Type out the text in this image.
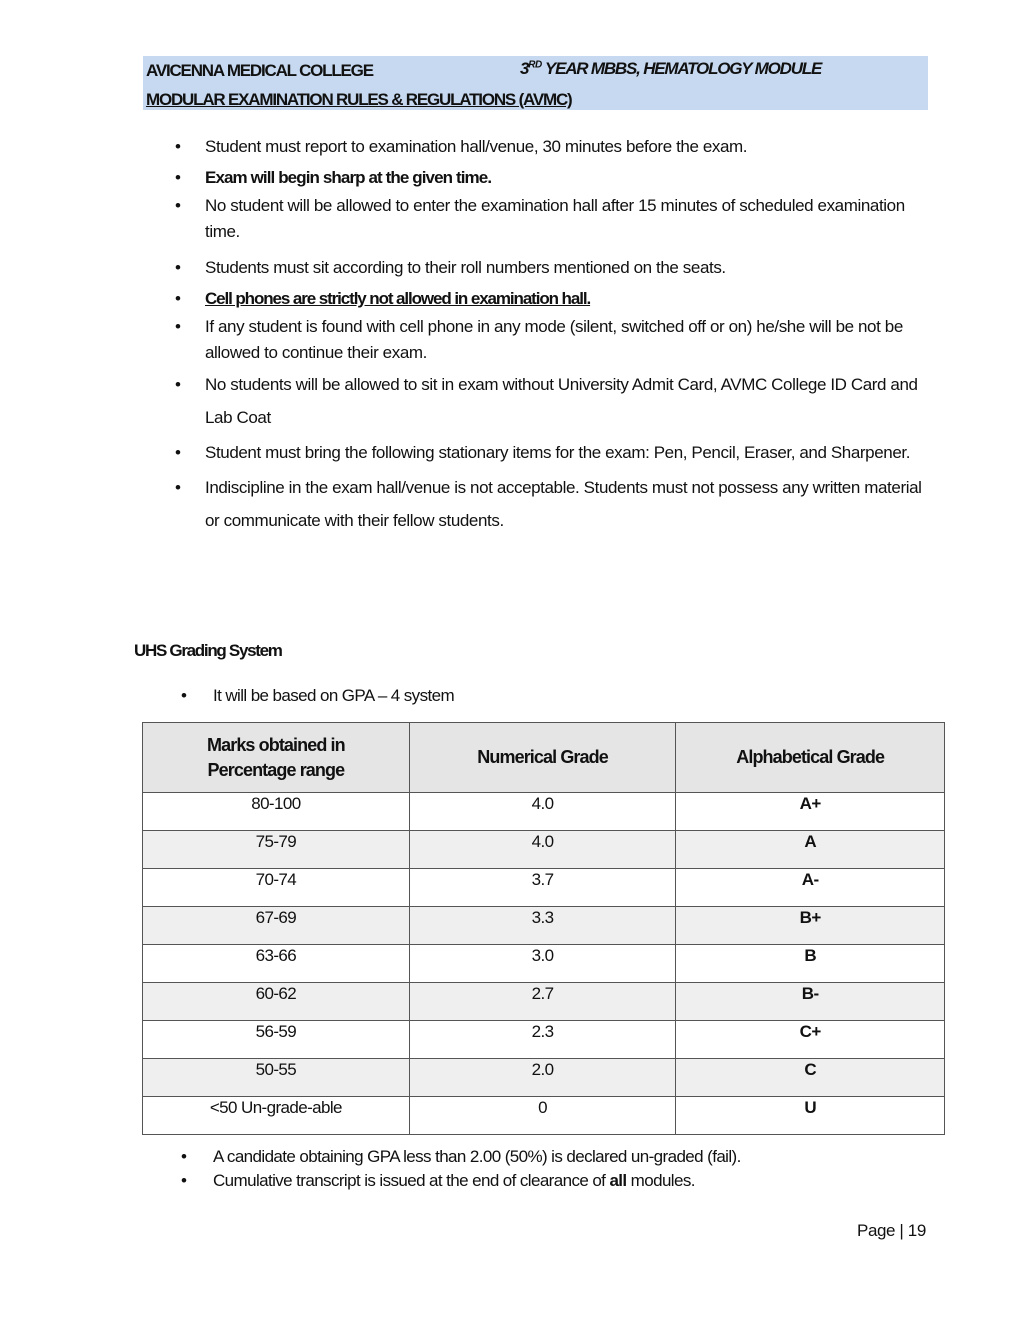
AVICENNA MEDICAL COLLEGE	3RD YEAR MBBS, HEMATOLOGY MODULE
MODULAR EXAMINATION RULES & REGULATIONS (AVMC)
• Student must report to examination hall/venue, 30 minutes before the exam.
• Exam will begin sharp at the given time.
• No student will be allowed to enter the examination hall after 15 minutes of scheduled examination time.
• Students must sit according to their roll numbers mentioned on the seats.
• Cell phones are strictly not allowed in examination hall.
• If any student is found with cell phone in any mode (silent, switched off or on) he/she will be not be allowed to continue their exam.
• No students will be allowed to sit in exam without University Admit Card, AVMC College ID Card and Lab Coat
• Student must bring the following stationary items for the exam: Pen, Pencil, Eraser, and Sharpener.
• Indiscipline in the exam hall/venue is not acceptable. Students must not possess any written material or communicate with their fellow students.
UHS Grading System
• It will be based on GPA – 4 system
Marks obtained in Percentage range	Numerical Grade	Alphabetical Grade
80-100	4.0	A+
75-79	4.0	A
70-74	3.7	A-
67-69	3.3	B+
63-66	3.0	B
60-62	2.7	B-
56-59	2.3	C+
50-55	2.0	C
<50 Un-grade-able	0	U
• A candidate obtaining GPA less than 2.00 (50%) is declared un-graded (fail).
• Cumulative transcript is issued at the end of clearance of all modules.
Page | 19
